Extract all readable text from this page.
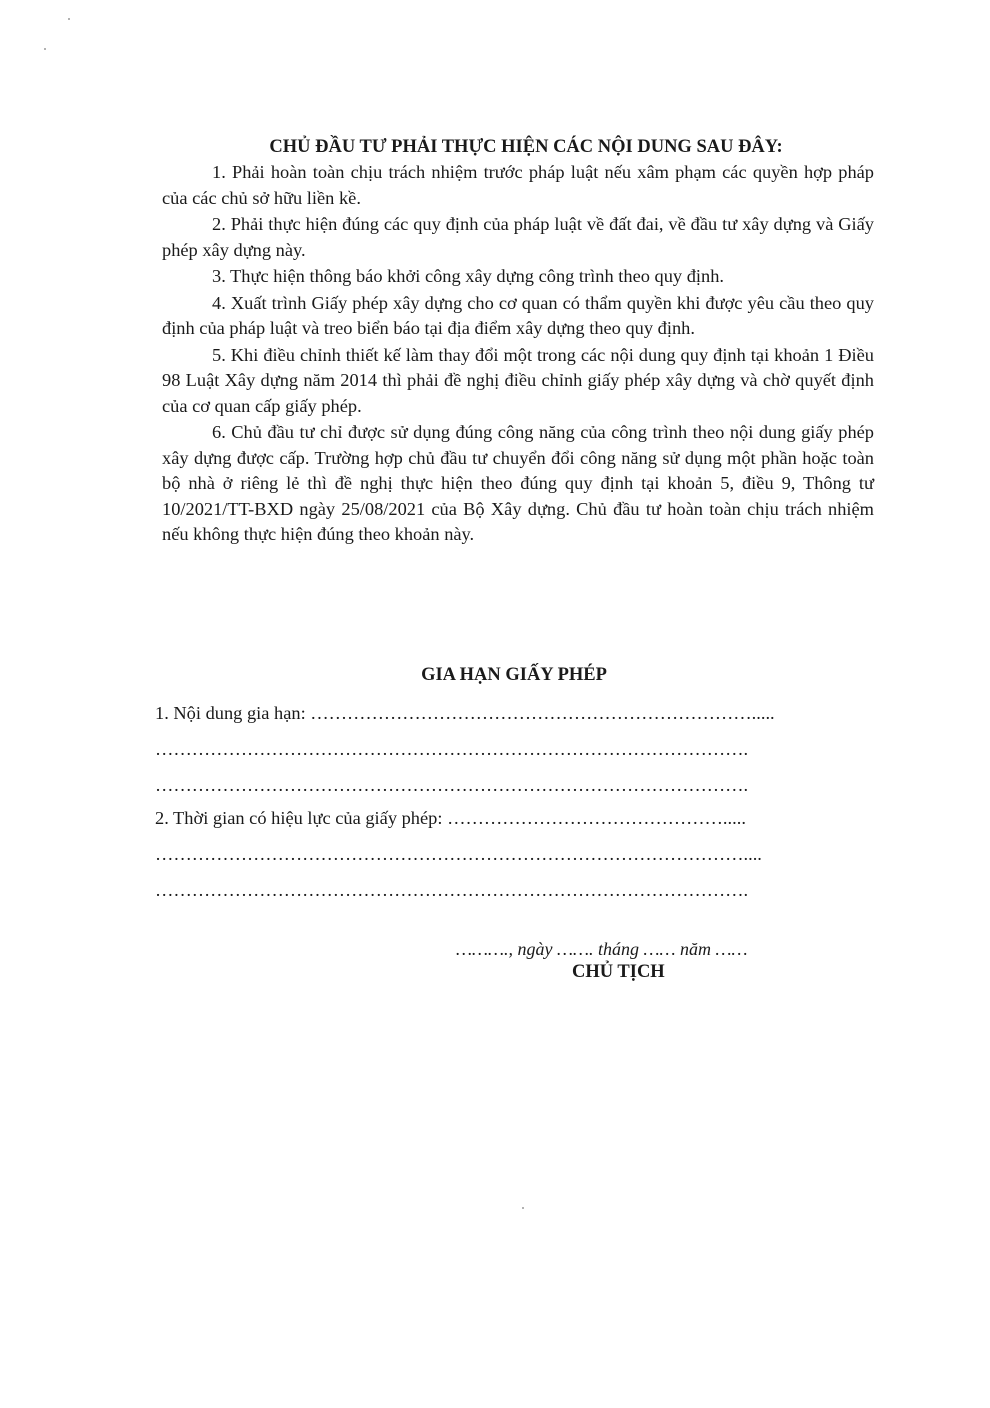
CHỦ ĐẦU TƯ PHẢI THỰC HIỆN CÁC NỘI DUNG SAU ĐÂY:

1. Phải hoàn toàn chịu trách nhiệm trước pháp luật nếu xâm phạm các quyền hợp pháp của các chủ sở hữu liền kề.

2. Phải thực hiện đúng các quy định của pháp luật về đất đai, về đầu tư xây dựng và Giấy phép xây dựng này.

3. Thực hiện thông báo khởi công xây dựng công trình theo quy định.

4. Xuất trình Giấy phép xây dựng cho cơ quan có thẩm quyền khi được yêu cầu theo quy định của pháp luật và treo biển báo tại địa điểm xây dựng theo quy định.

5. Khi điều chỉnh thiết kế làm thay đổi một trong các nội dung quy định tại khoản 1 Điều 98 Luật Xây dựng năm 2014 thì phải đề nghị điều chỉnh giấy phép xây dựng và chờ quyết định của cơ quan cấp giấy phép.

6. Chủ đầu tư chỉ được sử dụng đúng công năng của công trình theo nội dung giấy phép xây dựng được cấp. Trường hợp chủ đầu tư chuyển đổi công năng sử dụng một phần hoặc toàn bộ nhà ở riêng lẻ thì đề nghị thực hiện theo đúng quy định tại khoản 5, điều 9, Thông tư 10/2021/TT-BXD ngày 25/08/2021 của Bộ Xây dựng. Chủ đầu tư hoàn toàn chịu trách nhiệm nếu không thực hiện đúng theo khoản này.

GIA HẠN GIẤY PHÉP
1. Nội dung gia hạn: ……………………………………………………………….....
…………………………………………………………………………………….
…………………………………………………………………………………….
2. Thời gian có hiệu lực của giấy phép: ……………………………………….....
……………………………………………………………………………………....
…………………………………………………………………………………….
………., ngày ……. tháng …… năm ……
CHỦ TỊCH
